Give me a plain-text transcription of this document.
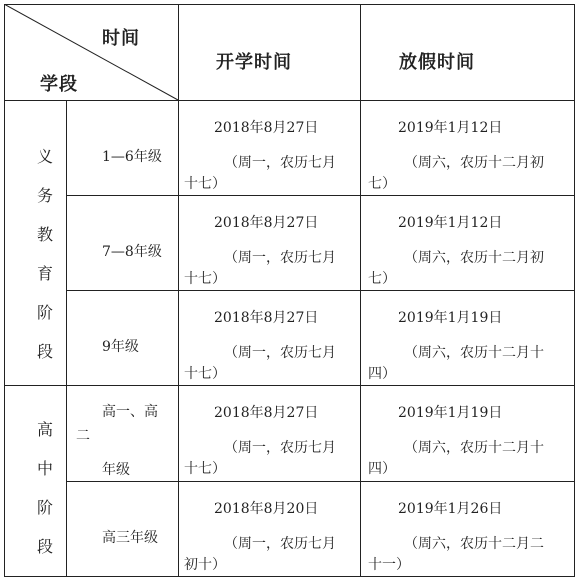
时间
学段
开学时间	放假时间
义
务
教
育
阶
段
高
中
阶
段
1—6年级
2018年8月27日
（周一，农历七月
十七）
2019年1月12日
（周六，农历十二月初
七）
7—8年级
2018年8月27日
（周一，农历七月
十七）
2019年1月12日
（周六，农历十二月初
七）
9年级
2018年8月27日
（周一，农历七月
十七）
2019年1月19日
（周六，农历十二月十
四）
高一、高
二
年级
2018年8月27日
（周一，农历七月
十七）
2019年1月19日
（周六，农历十二月十
四）
高三年级
2018年8月20日
（周一，农历七月
初十）
2019年1月26日
（周六，农历十二月二
十一）
